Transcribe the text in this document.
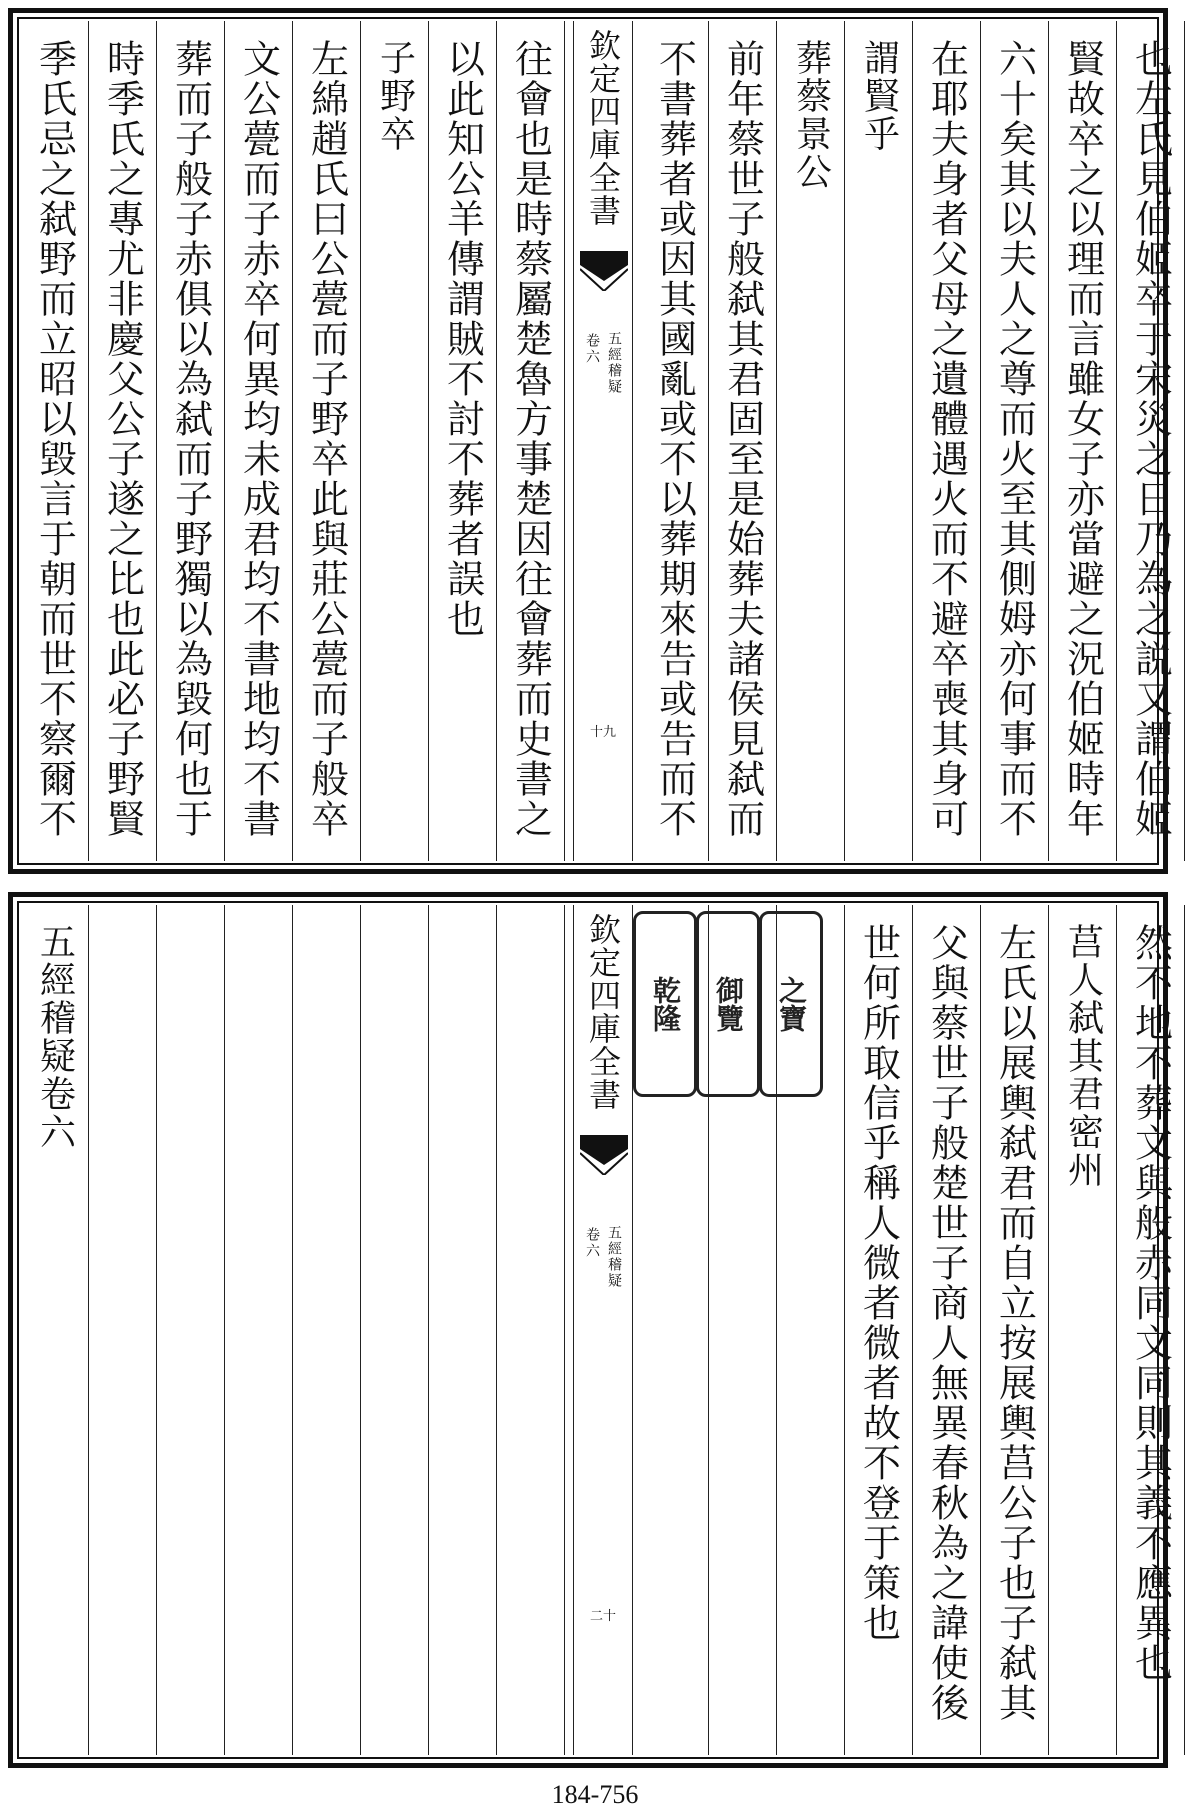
也左氏見伯姬卒于宋災之日乃為之説又謂伯姬
賢故卒之以理而言雖女子亦當避之況伯姬時年
六十矣其以夫人之尊而火至其側姆亦何事而不
在耶夫身者父母之遺體遇火而不避卒喪其身可
謂賢乎
葬蔡景公
前年蔡世子般弑其君固至是始葬夫諸侯見弑而
不書葬者或因其國亂或不以葬期來告或告而不
欽定四庫全書
五經稽疑
卷六
十九
往會也是時蔡屬楚魯方事楚因往會葬而史書之
以此知公羊傳謂賊不討不葬者誤也
子野卒
左綿趙氏曰公甍而子野卒此與莊公甍而子般卒
文公甍而子赤卒何異均未成君均不書地均不書
葬而子般子赤俱以為弑而子野獨以為毀何也于
時季氏之專尤非慶父公子遂之比也此必子野賢
季氏忌之弑野而立昭以毀言于朝而世不察爾不
然不地不葬文與般赤同文同則其義不應異也
莒人弑其君密州
左氏以展輿弑君而自立按展輿莒公子也子弑其
父與蔡世子般楚世子商人無異春秋為之諱使後
世何所取信乎稱人微者微者故不登于策也
乾隆	御覽	之寶
欽定四庫全書
五經稽疑
卷六
二十
五經稽疑卷六
184-756
